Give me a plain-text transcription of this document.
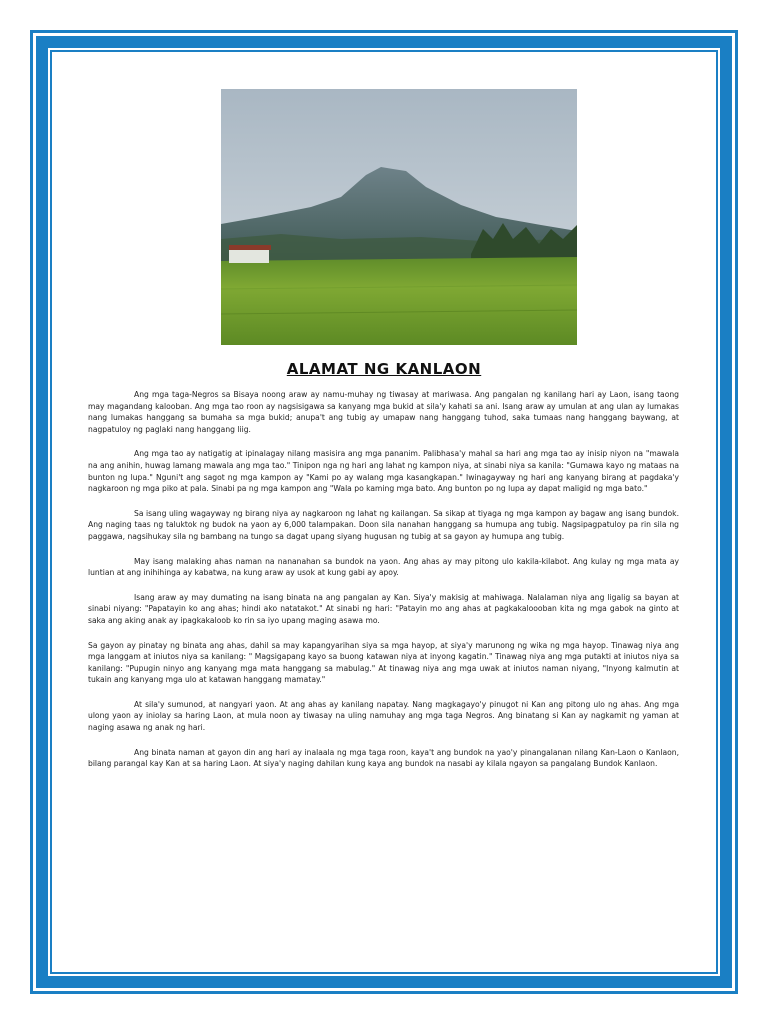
ALAMAT NG KANLAON

Ang mga taga-Negros sa Bisaya noong araw ay namu-muhay ng tiwasay at mariwasa. Ang pangalan ng kanilang hari ay Laon, isang taong may magandang kalooban. Ang mga tao roon ay nagsisigawa sa kanyang mga bukid at sila'y kahati sa ani. Isang araw ay umulan at ang ulan ay lumakas nang lumakas hanggang sa bumaha sa mga bukid; anupa't ang tubig ay umapaw nang hanggang tuhod, saka tumaas nang hanggang baywang, at nagpatuloy ng paglaki nang hanggang liig.

Ang mga tao ay natigatig at ipinalagay nilang masisira ang mga pananim. Palibhasa'y mahal sa hari ang mga tao ay inisip niyon na "mawala na ang anihin, huwag lamang mawala ang mga tao." Tinipon nga ng hari ang lahat ng kampon niya, at sinabi niya sa kanila: "Gumawa kayo ng mataas na bunton ng lupa." Nguni't ang sagot ng mga kampon ay "Kami po ay walang mga kasangkapan." Iwinagayway ng hari ang kanyang birang at pagdaka'y nagkaroon ng mga piko at pala. Sinabi pa ng mga kampon ang "Wala po kaming mga bato. Ang bunton po ng lupa ay dapat maligid ng mga bato."

Sa isang uling wagayway ng birang niya ay nagkaroon ng lahat ng kailangan. Sa sikap at tiyaga ng mga kampon ay bagaw ang isang bundok. Ang naging taas ng taluktok ng budok na yaon ay 6,000 talampakan. Doon sila nanahan hanggang sa humupa ang tubig. Nagsipagpatuloy pa rin sila ng paggawa, nagsihukay sila ng bambang na tungo sa dagat upang siyang hugusan ng tubig at sa gayon ay humupa ang tubig.

May isang malaking ahas naman na nananahan sa bundok na yaon. Ang ahas ay may pitong ulo kakila-kilabot. Ang kulay ng mga mata ay luntian at ang inihihinga ay kabatwa, na kung araw ay usok at kung gabi ay apoy.

Isang araw ay may dumating na isang binata na ang pangalan ay Kan. Siya'y makisig at mahiwaga. Nalalaman niya ang ligalig sa bayan at sinabi niyang: "Papatayin ko ang ahas; hindi ako natatakot." At sinabi ng hari: "Patayin mo ang ahas at pagkakaloooban kita ng mga gabok na ginto at saka ang aking anak ay ipagkakaloob ko rin sa iyo upang maging asawa mo.

Sa gayon ay pinatay ng binata ang ahas, dahil sa may kapangyarihan siya sa mga hayop, at siya'y marunong ng wika ng mga hayop. Tinawag niya ang mga langgam at iniutos niya sa kanilang: " Magsigapang kayo sa buong katawan niya at inyong kagatin." Tinawag niya ang mga putakti at iniutos niya sa kanilang: "Pupugin ninyo ang kanyang mga mata hanggang sa mabulag." At tinawag niya ang mga uwak at iniutos naman niyang, "Inyong kalmutin at tukain ang kanyang mga ulo at katawan hanggang mamatay."

At sila'y sumunod, at nangyari yaon. At ang ahas ay kanilang napatay. Nang magkagayo'y pinugot ni Kan ang pitong ulo ng ahas. Ang mga ulong yaon ay iniolay sa haring Laon, at mula noon ay tiwasay na uling namuhay ang mga taga Negros. Ang binatang si Kan ay nagkamit ng yaman at naging asawa ng anak ng hari.

Ang binata naman at gayon din ang hari ay inalaala ng mga taga roon, kaya't ang bundok na yao'y pinangalanan nilang Kan-Laon o Kanlaon, bilang parangal kay Kan at sa haring Laon. At siya'y naging dahilan kung kaya ang bundok na nasabi ay kilala ngayon sa pangalang Bundok Kanlaon.
